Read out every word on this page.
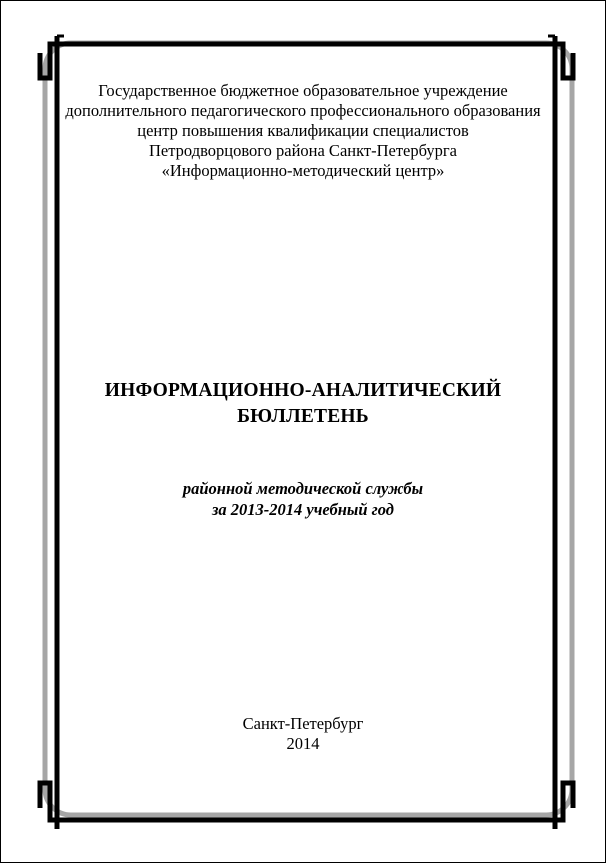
Государственное бюджетное образовательное учреждение
дополнительного педагогического профессионального образования
центр повышения квалификации специалистов
Петродворцового района Санкт-Петербурга
«Информационно-методический центр»
ИНФОРМАЦИОННО-АНАЛИТИЧЕСКИЙ
БЮЛЛЕТЕНЬ
районной методической службы
за 2013-2014 учебный год
Санкт-Петербург
2014
